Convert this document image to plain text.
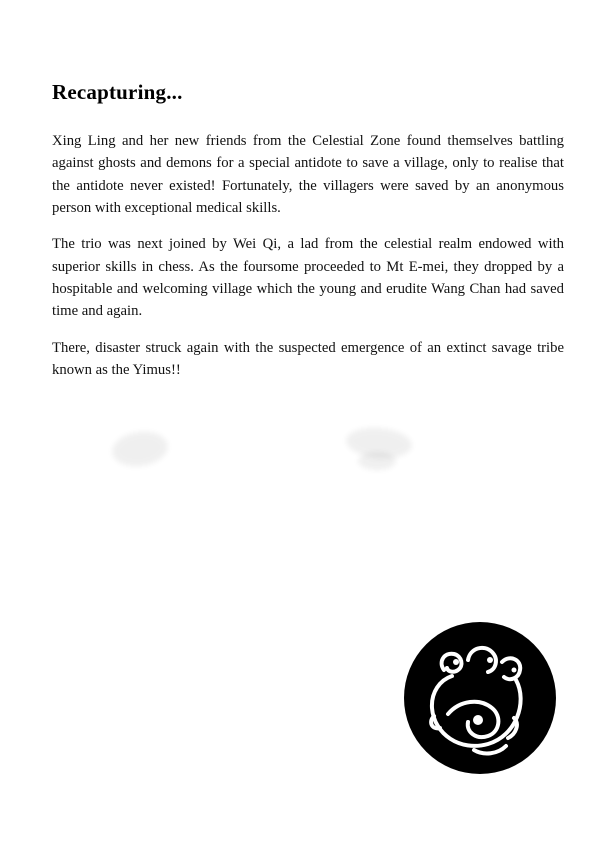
Recapturing...

Xing Ling and her new friends from the Celestial Zone found themselves battling against ghosts and demons for a special antidote to save a village, only to realise that the antidote never existed! Fortunately, the villagers were saved by an anonymous person with exceptional medical skills.

The trio was next joined by Wei Qi, a lad from the celestial realm endowed with superior skills in chess. As the foursome proceeded to Mt E-mei, they dropped by a hospitable and welcoming village which the young and erudite Wang Chan had saved time and again.

There, disaster struck again with the suspected emergence of an extinct savage tribe known as the Yimus!!
